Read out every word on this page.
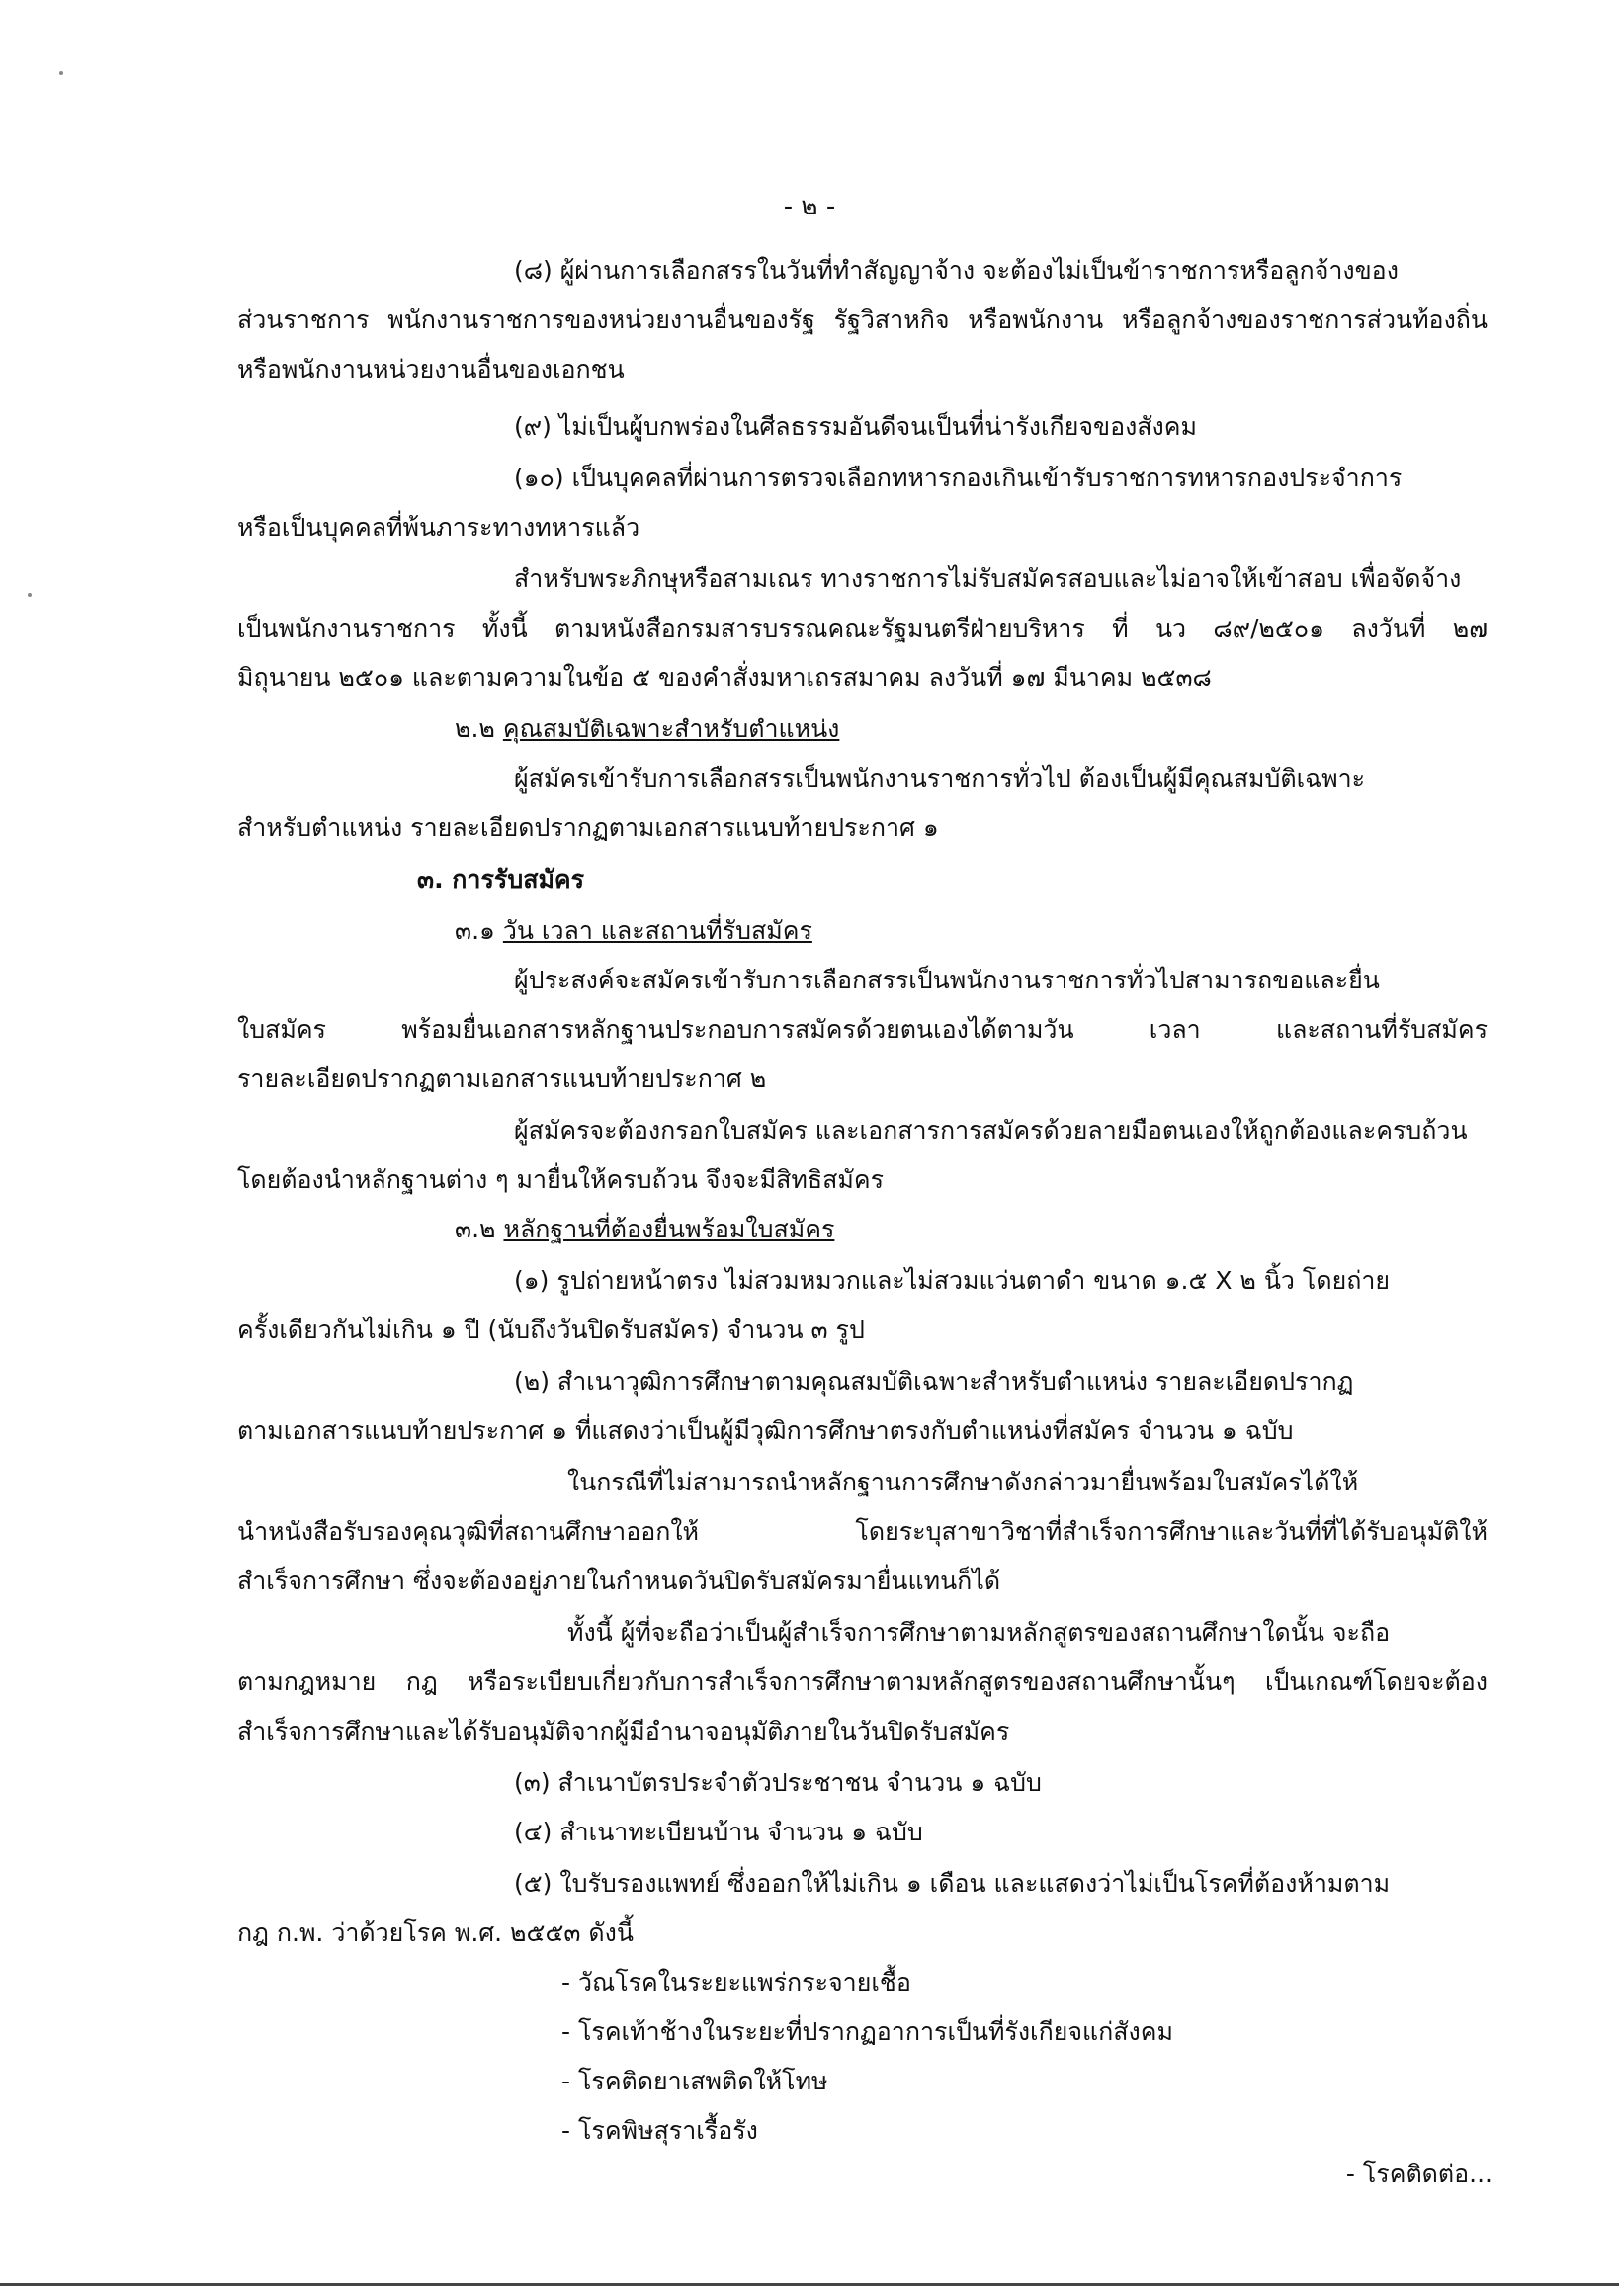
- ๒ -
(๘) ผู้ผ่านการเลือกสรรในวันที่ทำสัญญาจ้าง จะต้องไม่เป็นข้าราชการหรือลูกจ้างของ
ส่วนราชการ พนักงานราชการของหน่วยงานอื่นของรัฐ รัฐวิสาหกิจ หรือพนักงาน หรือลูกจ้างของราชการส่วนท้องถิ่น
หรือพนักงานหน่วยงานอื่นของเอกชน
(๙) ไม่เป็นผู้บกพร่องในศีลธรรมอันดีจนเป็นที่น่ารังเกียจของสังคม
(๑๐) เป็นบุคคลที่ผ่านการตรวจเลือกทหารกองเกินเข้ารับราชการทหารกองประจำการ
หรือเป็นบุคคลที่พ้นภาระทางทหารแล้ว
สำหรับพระภิกษุหรือสามเณร ทางราชการไม่รับสมัครสอบและไม่อาจให้เข้าสอบ เพื่อจัดจ้าง
เป็นพนักงานราชการ ทั้งนี้ ตามหนังสือกรมสารบรรณคณะรัฐมนตรีฝ่ายบริหาร ที่ นว ๘๙/๒๕๐๑ ลงวันที่ ๒๗
มิถุนายน ๒๕๐๑ และตามความในข้อ ๕ ของคำสั่งมหาเถรสมาคม ลงวันที่ ๑๗ มีนาคม ๒๕๓๘
๒.๒ คุณสมบัติเฉพาะสำหรับตำแหน่ง
ผู้สมัครเข้ารับการเลือกสรรเป็นพนักงานราชการทั่วไป ต้องเป็นผู้มีคุณสมบัติเฉพาะ
สำหรับตำแหน่ง รายละเอียดปรากฏตามเอกสารแนบท้ายประกาศ ๑
๓. การรับสมัคร
๓.๑ วัน เวลา และสถานที่รับสมัคร
ผู้ประสงค์จะสมัครเข้ารับการเลือกสรรเป็นพนักงานราชการทั่วไปสามารถขอและยื่น
ใบสมัคร พร้อมยื่นเอกสารหลักฐานประกอบการสมัครด้วยตนเองได้ตามวัน เวลา และสถานที่รับสมัคร
รายละเอียดปรากฏตามเอกสารแนบท้ายประกาศ ๒
ผู้สมัครจะต้องกรอกใบสมัคร และเอกสารการสมัครด้วยลายมือตนเองให้ถูกต้องและครบถ้วน
โดยต้องนำหลักฐานต่าง ๆ มายื่นให้ครบถ้วน จึงจะมีสิทธิสมัคร
๓.๒ หลักฐานที่ต้องยื่นพร้อมใบสมัคร
(๑) รูปถ่ายหน้าตรง ไม่สวมหมวกและไม่สวมแว่นตาดำ ขนาด ๑.๕ X ๒ นิ้ว โดยถ่าย
ครั้งเดียวกันไม่เกิน ๑ ปี (นับถึงวันปิดรับสมัคร) จำนวน ๓ รูป
(๒) สำเนาวุฒิการศึกษาตามคุณสมบัติเฉพาะสำหรับตำแหน่ง รายละเอียดปรากฏ
ตามเอกสารแนบท้ายประกาศ ๑ ที่แสดงว่าเป็นผู้มีวุฒิการศึกษาตรงกับตำแหน่งที่สมัคร จำนวน ๑ ฉบับ
ในกรณีที่ไม่สามารถนำหลักฐานการศึกษาดังกล่าวมายื่นพร้อมใบสมัครได้ให้
นำหนังสือรับรองคุณวุฒิที่สถานศึกษาออกให้ โดยระบุสาขาวิชาที่สำเร็จการศึกษาและวันที่ที่ได้รับอนุมัติให้
สำเร็จการศึกษา ซึ่งจะต้องอยู่ภายในกำหนดวันปิดรับสมัครมายื่นแทนก็ได้
ทั้งนี้ ผู้ที่จะถือว่าเป็นผู้สำเร็จการศึกษาตามหลักสูตรของสถานศึกษาใดนั้น จะถือ
ตามกฎหมาย กฎ หรือระเบียบเกี่ยวกับการสำเร็จการศึกษาตามหลักสูตรของสถานศึกษานั้นๆ เป็นเกณฑ์โดยจะต้อง
สำเร็จการศึกษาและได้รับอนุมัติจากผู้มีอำนาจอนุมัติภายในวันปิดรับสมัคร
(๓) สำเนาบัตรประจำตัวประชาชน จำนวน ๑ ฉบับ
(๔) สำเนาทะเบียนบ้าน จำนวน ๑ ฉบับ
(๕) ใบรับรองแพทย์ ซึ่งออกให้ไม่เกิน ๑ เดือน และแสดงว่าไม่เป็นโรคที่ต้องห้ามตาม
กฎ ก.พ. ว่าด้วยโรค พ.ศ. ๒๕๕๓ ดังนี้
- วัณโรคในระยะแพร่กระจายเชื้อ
- โรคเท้าช้างในระยะที่ปรากฏอาการเป็นที่รังเกียจแก่สังคม
- โรคติดยาเสพติดให้โทษ
- โรคพิษสุราเรื้อรัง
- โรคติดต่อ...
